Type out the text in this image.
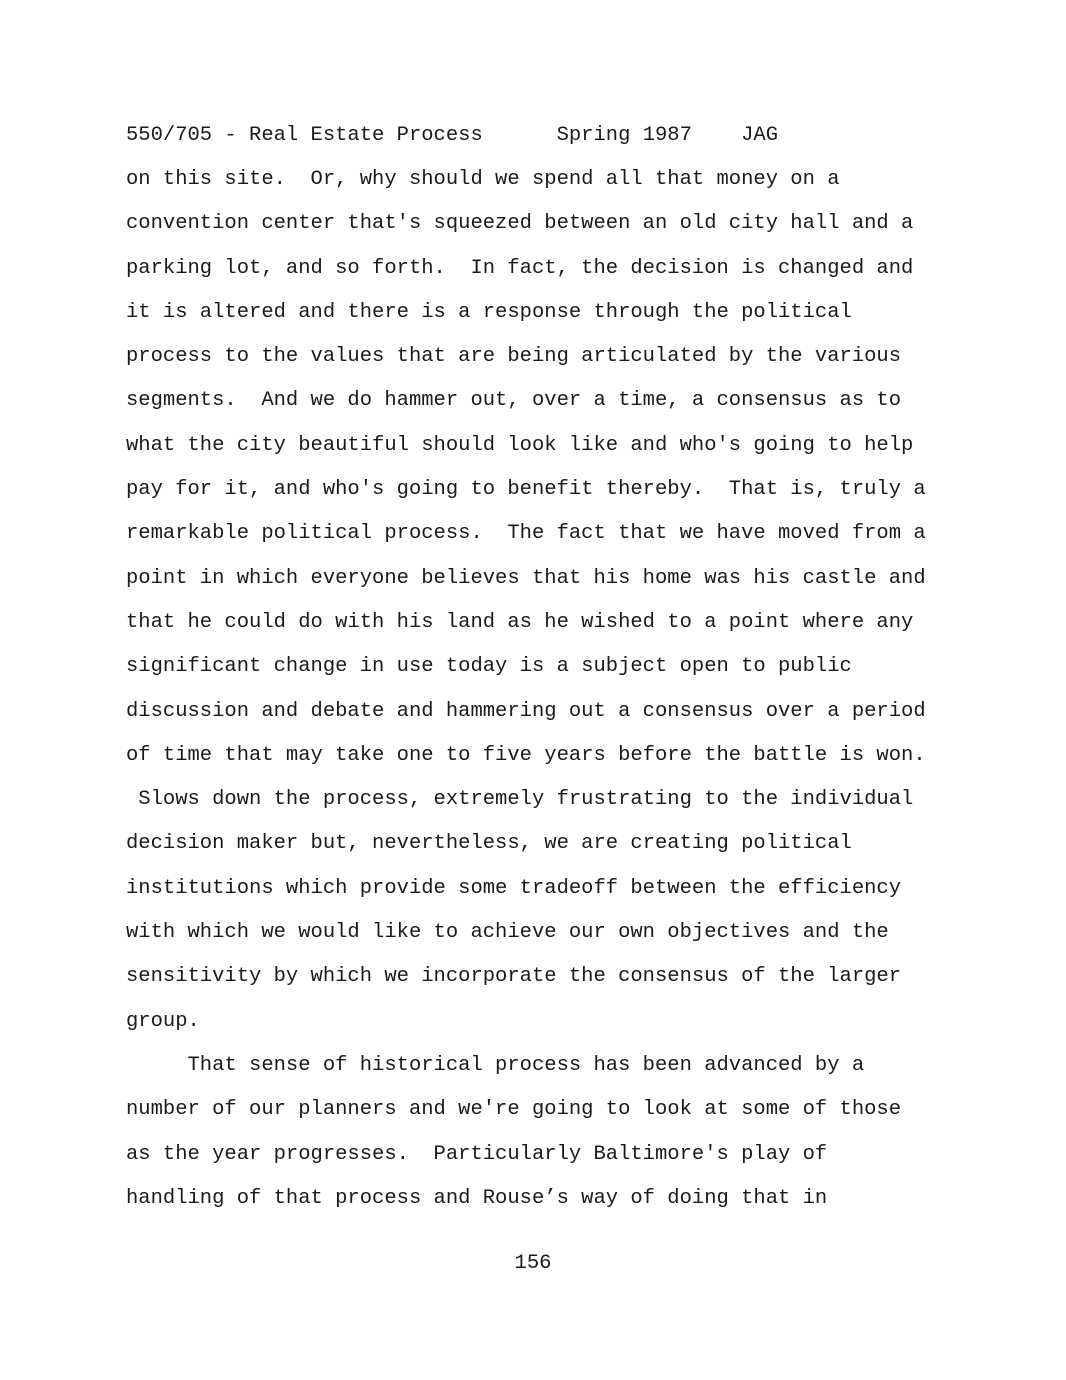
550/705 - Real Estate Process	Spring 1987 JAG
on this site.  Or, why should we spend all that money on a
convention center that's squeezed between an old city hall and a
parking lot, and so forth.  In fact, the decision is changed and
it is altered and there is a response through the political
process to the values that are being articulated by the various
segments.  And we do hammer out, over a time, a consensus as to
what the city beautiful should look like and who's going to help
pay for it, and who's going to benefit thereby.  That is, truly a
remarkable political process.  The fact that we have moved from a
point in which everyone believes that his home was his castle and
that he could do with his land as he wished to a point where any
significant change in use today is a subject open to public
discussion and debate and hammering out a consensus over a period
of time that may take one to five years before the battle is won.
Slows down the process, extremely frustrating to the individual
decision maker but, nevertheless, we are creating political
institutions which provide some tradeoff between the efficiency
with which we would like to achieve our own objectives and the
sensitivity by which we incorporate the consensus of the larger
group.
That sense of historical process has been advanced by a
number of our planners and we're going to look at some of those
as the year progresses.  Particularly Baltimore's play of
handling of that process and Rouse’s way of doing that in
156
